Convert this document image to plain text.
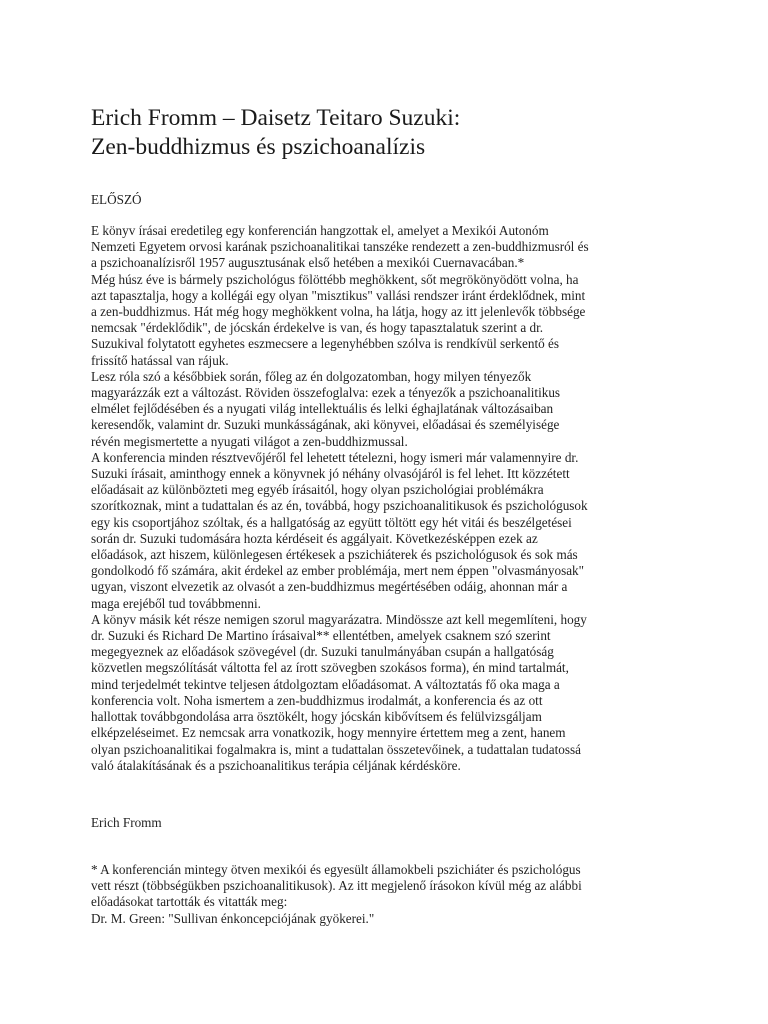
Erich Fromm – Daisetz Teitaro Suzuki:
Zen-buddhizmus és pszichoanalízis

ELŐSZÓ

E könyv írásai eredetileg egy konferencián hangzottak el, amelyet a Mexikói Autonóm
Nemzeti Egyetem orvosi karának pszichoanalitikai tanszéke rendezett a zen-buddhizmusról és
a pszichoanalízisről 1957 augusztusának első hetében a mexikói Cuernavacában.*
Még húsz éve is bármely pszichológus fölöttébb meghökkent, sőt megrökönyödött volna, ha
azt tapasztalja, hogy a kollégái egy olyan "misztikus" vallási rendszer iránt érdeklődnek, mint
a zen-buddhizmus. Hát még hogy meghökkent volna, ha látja, hogy az itt jelenlevők többsége
nemcsak "érdeklődik", de jócskán érdekelve is van, és hogy tapasztalatuk szerint a dr.
Suzukival folytatott egyhetes eszmecsere a legenyhébben szólva is rendkívül serkentő és
frissítő hatással van rájuk.
Lesz róla szó a későbbiek során, főleg az én dolgozatomban, hogy milyen tényezők
magyarázzák ezt a változást. Röviden összefoglalva: ezek a tényezők a pszichoanalitikus
elmélet fejlődésében és a nyugati világ intellektuális és lelki éghajlatának változásaiban
keresendők, valamint dr. Suzuki munkásságának, aki könyvei, előadásai és személyisége
révén megismertette a nyugati világot a zen-buddhizmussal.
A konferencia minden résztvevőjéről fel lehetett tételezni, hogy ismeri már valamennyire dr.
Suzuki írásait, aminthogy ennek a könyvnek jó néhány olvasójáról is fel lehet. Itt közzétett
előadásait az különbözteti meg egyéb írásaitól, hogy olyan pszichológiai problémákra
szorítkoznak, mint a tudattalan és az én, továbbá, hogy pszichoanalitikusok és pszichológusok
egy kis csoportjához szóltak, és a hallgatóság az együtt töltött egy hét vitái és beszélgetései
során dr. Suzuki tudomására hozta kérdéseit és aggályait. Következésképpen ezek az
előadások, azt hiszem, különlegesen értékesek a pszichiáterek és pszichológusok és sok más
gondolkodó fő számára, akit érdekel az ember problémája, mert nem éppen "olvasmányosak"
ugyan, viszont elvezetik az olvasót a zen-buddhizmus megértésében odáig, ahonnan már a
maga erejéből tud továbbmenni.
A könyv másik két része nemigen szorul magyarázatra. Mindössze azt kell megemlíteni, hogy
dr. Suzuki és Richard De Martino írásaival** ellentétben, amelyek csaknem szó szerint
megegyeznek az előadások szövegével (dr. Suzuki tanulmányában csupán a hallgatóság
közvetlen megszólítását váltotta fel az írott szövegben szokásos forma), én mind tartalmát,
mind terjedelmét tekintve teljesen átdolgoztam előadásomat. A változtatás fő oka maga a
konferencia volt. Noha ismertem a zen-buddhizmus irodalmát, a konferencia és az ott
hallottak továbbgondolása arra ösztökélt, hogy jócskán kibővítsem és felülvizsgáljam
elképzeléseimet. Ez nemcsak arra vonatkozik, hogy mennyire értettem meg a zent, hanem
olyan pszichoanalitikai fogalmakra is, mint a tudattalan összetevőinek, a tudattalan tudatossá
való átalakításának és a pszichoanalitikus terápia céljának kérdésköre.

Erich Fromm

* A konferencián mintegy ötven mexikói és egyesült államokbeli pszichiáter és pszichológus
vett részt (többségükben pszichoanalitikusok). Az itt megjelenő írásokon kívül még az alábbi
előadásokat tartották és vitatták meg:
Dr. M. Green: "Sullivan énkoncepciójának gyökerei."
